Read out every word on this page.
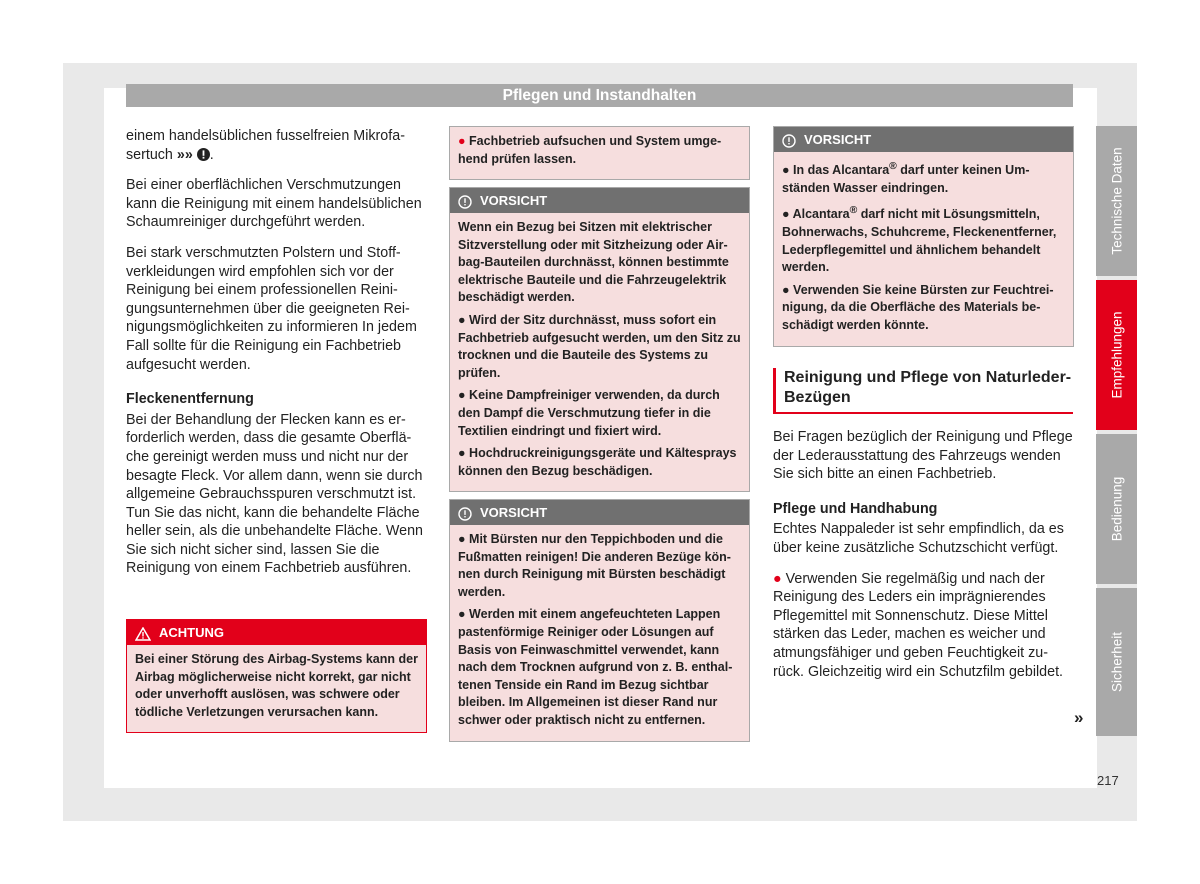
Pflegen und Instandhalten

einem handelsüblichen fusselfreien Mikrofasertuch »» .

Bei einer oberflächlichen Verschmutzungen kann die Reinigung mit einem handelsüblichen Schaumreiniger durchgeführt werden.

Bei stark verschmutzten Polstern und Stoffverkleidungen wird empfohlen sich vor der Reinigung bei einem professionellen Reinigungsunternehmen über die geeigneten Reinigungsmöglichkeiten zu informieren In jedem Fall sollte für die Reinigung ein Fachbetrieb aufgesucht werden.

Fleckenentfernung

Bei der Behandlung der Flecken kann es erforderlich werden, dass die gesamte Oberfläche gereinigt werden muss und nicht nur der besagte Fleck. Vor allem dann, wenn sie durch allgemeine Gebrauchsspuren verschmutzt ist. Tun Sie das nicht, kann die behandelte Fläche heller sein, als die unbehandelte Fläche. Wenn Sie sich nicht sicher sind, lassen Sie die Reinigung von einem Fachbetrieb ausführen.

ACHTUNG

Bei einer Störung des Airbag-Systems kann der Airbag möglicherweise nicht korrekt, gar nicht oder unverhofft auslösen, was schwere oder tödliche Verletzungen verursachen kann.

● Fachbetrieb aufsuchen und System umgehend prüfen lassen.

VORSICHT

Wenn ein Bezug bei Sitzen mit elektrischer Sitzverstellung oder mit Sitzheizung oder Airbag-Bauteilen durchnässt, können bestimmte elektrische Bauteile und die Fahrzeugelektrik beschädigt werden.

● Wird der Sitz durchnässt, muss sofort ein Fachbetrieb aufgesucht werden, um den Sitz zu trocknen und die Bauteile des Systems zu prüfen.

● Keine Dampfreiniger verwenden, da durch den Dampf die Verschmutzung tiefer in die Textilien eindringt und fixiert wird.

● Hochdruckreinigungsgeräte und Kältesprays können den Bezug beschädigen.

VORSICHT

● Mit Bürsten nur den Teppichboden und die Fußmatten reinigen! Die anderen Bezüge können durch Reinigung mit Bürsten beschädigt werden.

● Werden mit einem angefeuchteten Lappen pastenförmige Reiniger oder Lösungen auf Basis von Feinwaschmittel verwendet, kann nach dem Trocknen aufgrund von z. B. enthaltenen Tenside ein Rand im Bezug sichtbar bleiben. Im Allgemeinen ist dieser Rand nur schwer oder praktisch nicht zu entfernen.

VORSICHT

● In das Alcantara® darf unter keinen Umständen Wasser eindringen.

● Alcantara® darf nicht mit Lösungsmitteln, Bohnerwachs, Schuhcreme, Fleckenentferner, Lederpflegemittel und ähnlichem behandelt werden.

● Verwenden Sie keine Bürsten zur Feuchtreinigung, da die Oberfläche des Materials beschädigt werden könnte.

Reinigung und Pflege von NaturlederBezügen

Bei Fragen bezüglich der Reinigung und Pflege der Lederausstattung des Fahrzeugs wenden Sie sich bitte an einen Fachbetrieb.

Pflege und Handhabung

Echtes Nappaleder ist sehr empfindlich, da es über keine zusätzliche Schutzschicht verfügt.

● Verwenden Sie regelmäßig und nach der Reinigung des Leders ein imprägnierendes Pflegemittel mit Sonnenschutz. Diese Mittel stärken das Leder, machen es weicher und atmungsfähiger und geben Feuchtigkeit zurück. Gleichzeitig wird ein Schutzfilm gebildet.

»
Technische Daten
Empfehlungen
Bedienung
Sicherheit
217
